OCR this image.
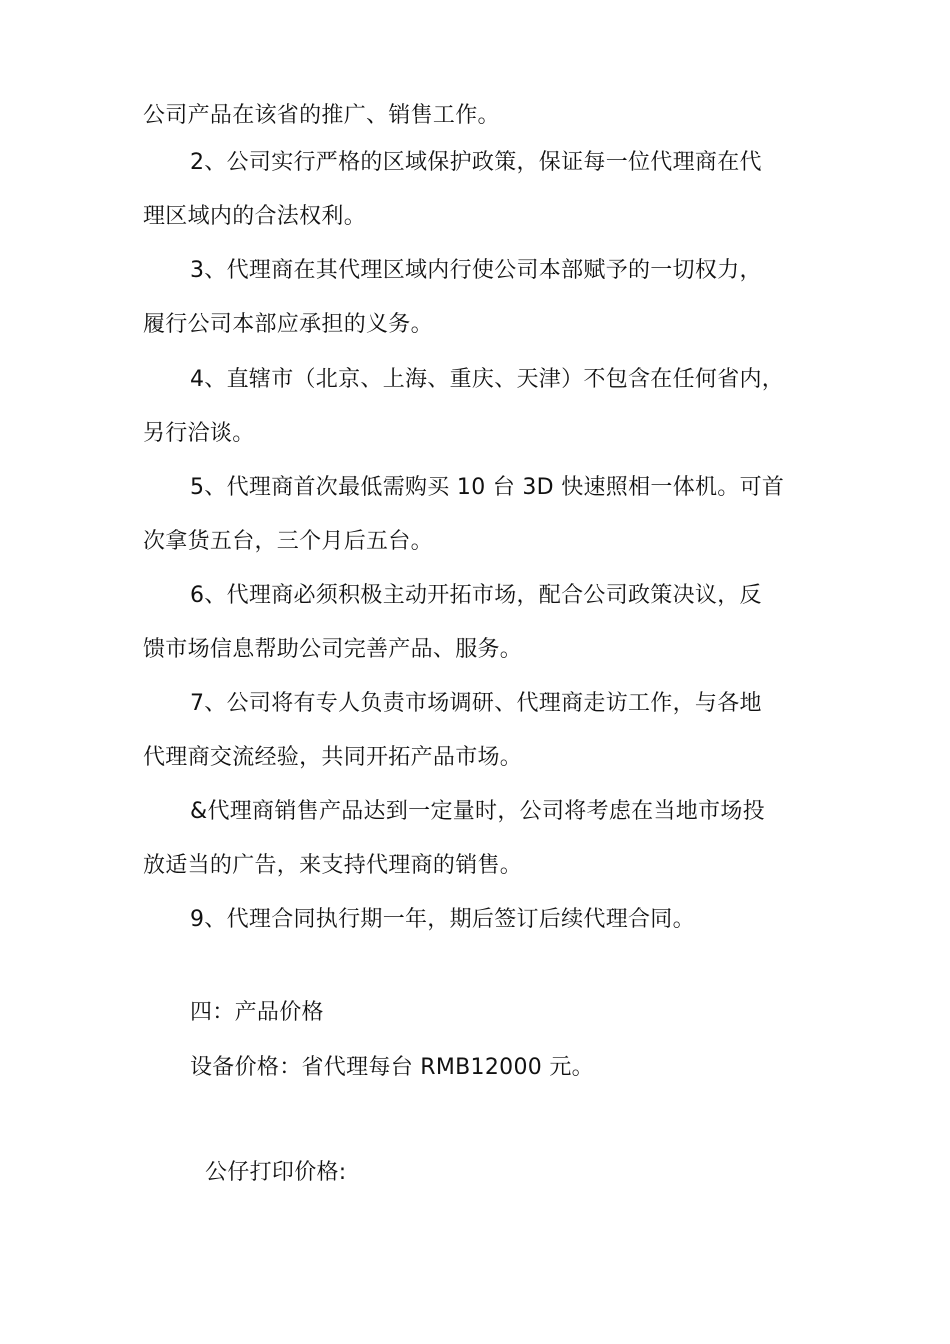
公司产品在该省的推广、销售工作。
2、公司实行严格的区域保护政策，保证每一位代理商在代
理区域内的合法权利。
3、代理商在其代理区域内行使公司本部赋予的一切权力，
履行公司本部应承担的义务。
4、直辖市（北京、上海、重庆、天津）不包含在任何省内，
另行洽谈。
5、代理商首次最低需购买 10 台 3D 快速照相一体机。可首
次拿货五台，三个月后五台。
6、代理商必须积极主动开拓市场，配合公司政策决议，反
馈市场信息帮助公司完善产品、服务。
7、公司将有专人负责市场调研、代理商走访工作，与各地
代理商交流经验，共同开拓产品市场。
&代理商销售产品达到一定量时，公司将考虑在当地市场投
放适当的广告，来支持代理商的销售。
9、代理合同执行期一年，期后签订后续代理合同。
四：产品价格
设备价格：省代理每台 RMB12000 元。
公仔打印价格:
